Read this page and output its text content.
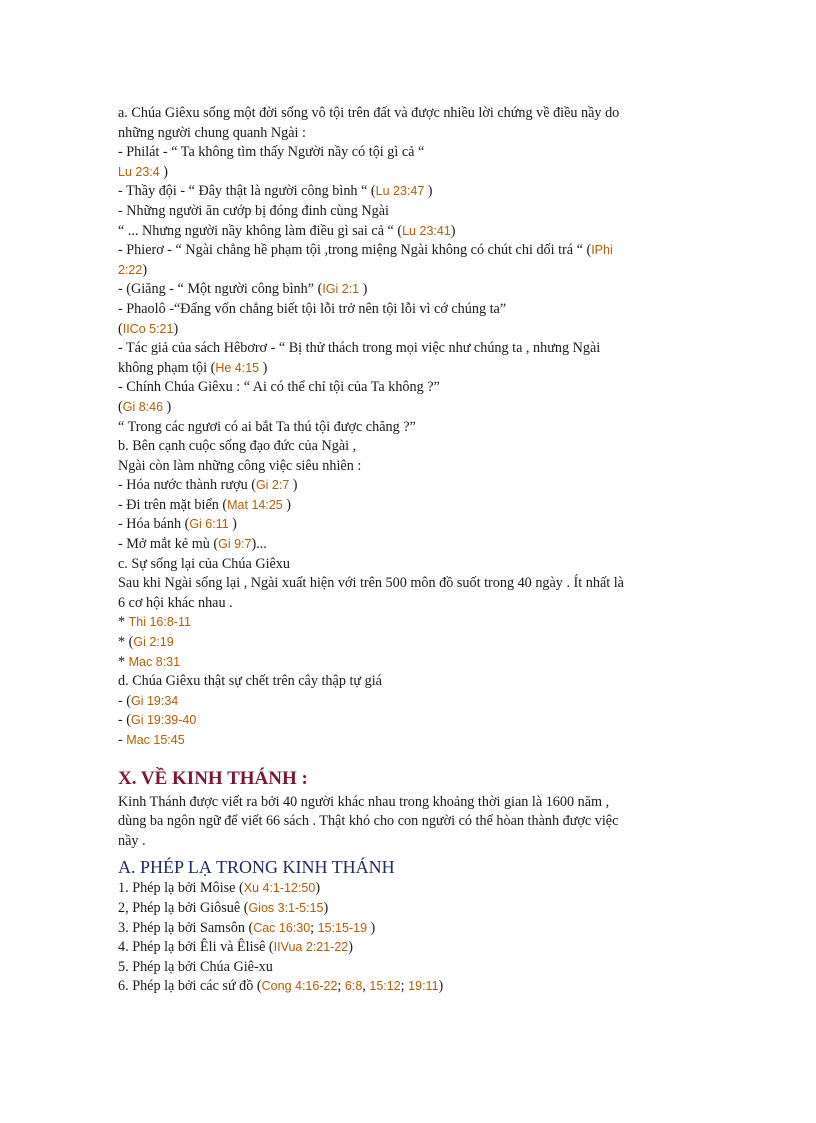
a. Chúa Giêxu sống một đời sống vô tội trên đất và được nhiều lời chứng về điều nầy do
những người chung quanh Ngài :
- Philát - “ Ta không tìm thấy Người nầy có tội gì cả “
Lu 23:4 )
- Thầy đội - “ Đây thật là người công bình “ (Lu 23:47 )
- Những người ăn cướp bị đóng đinh cùng Ngài
“ ... Nhưng người nầy không làm điều gì sai cả “ (Lu 23:41)
- Phierơ - “ Ngài chẳng hề phạm tội ,trong miệng Ngài không có chút chi dối trá “ (IPhi
2:22)
- (Giăng - “ Một người công bình” (IGi 2:1 )
- Phaolô -“Đấng vốn chẳng biết tội lỗi trở nên tội lỗi vì cớ chúng ta”
(IICo 5:21)
- Tác giả của sách Hêbơrơ - “ Bị thử thách trong mọi việc như chúng ta , nhưng Ngài
không phạm tội (He 4:15 )
- Chính Chúa Giêxu : “ Ai có thể chỉ tội của Ta không ?”
(Gi 8:46 )
“ Trong các ngươi có ai bắt Ta thú tội được chăng ?”
b. Bên cạnh cuộc sống đạo đức của Ngài ,
Ngài còn làm những công việc siêu nhiên :
- Hóa nước thành rượu (Gi 2:7 )
- Đi trên mặt biển (Mat 14:25 )
- Hóa bánh (Gi 6:11 )
- Mở mắt kẻ mù (Gi 9:7)...
c. Sự sống lại của Chúa Giêxu
Sau khi Ngài sống lại , Ngài xuất hiện với trên 500 môn đồ suốt trong 40 ngày . Ít nhất là
6 cơ hội khác nhau .
* Thi 16:8-11
* (Gi 2:19
* Mac 8:31
d. Chúa Giêxu thật sự chết trên cây thập tự giá
- (Gi 19:34
- (Gi 19:39-40
- Mac 15:45
X. VỀ KINH THÁNH :
Kinh Thánh được viết ra bởi 40 người khác nhau trong khoảng thời gian là 1600 năm ,
dùng ba ngôn ngữ để viết 66 sách . Thật khó cho con người có thể hòan thành được việc
nầy .
A. PHÉP LẠ TRONG KINH THÁNH
1. Phép lạ bởi Môise (Xu 4:1-12:50)
2, Phép lạ bởi Giôsuê (Gios 3:1-5:15)
3. Phép lạ bởi Samsôn (Cac 16:30; 15:15-19 )
4. Phép lạ bởi Êli và Êlisê (IIVua 2:21-22)
5. Phép lạ bởi Chúa Giê-xu
6. Phép lạ bởi các sứ đồ (Cong 4:16-22; 6:8, 15:12; 19:11)
